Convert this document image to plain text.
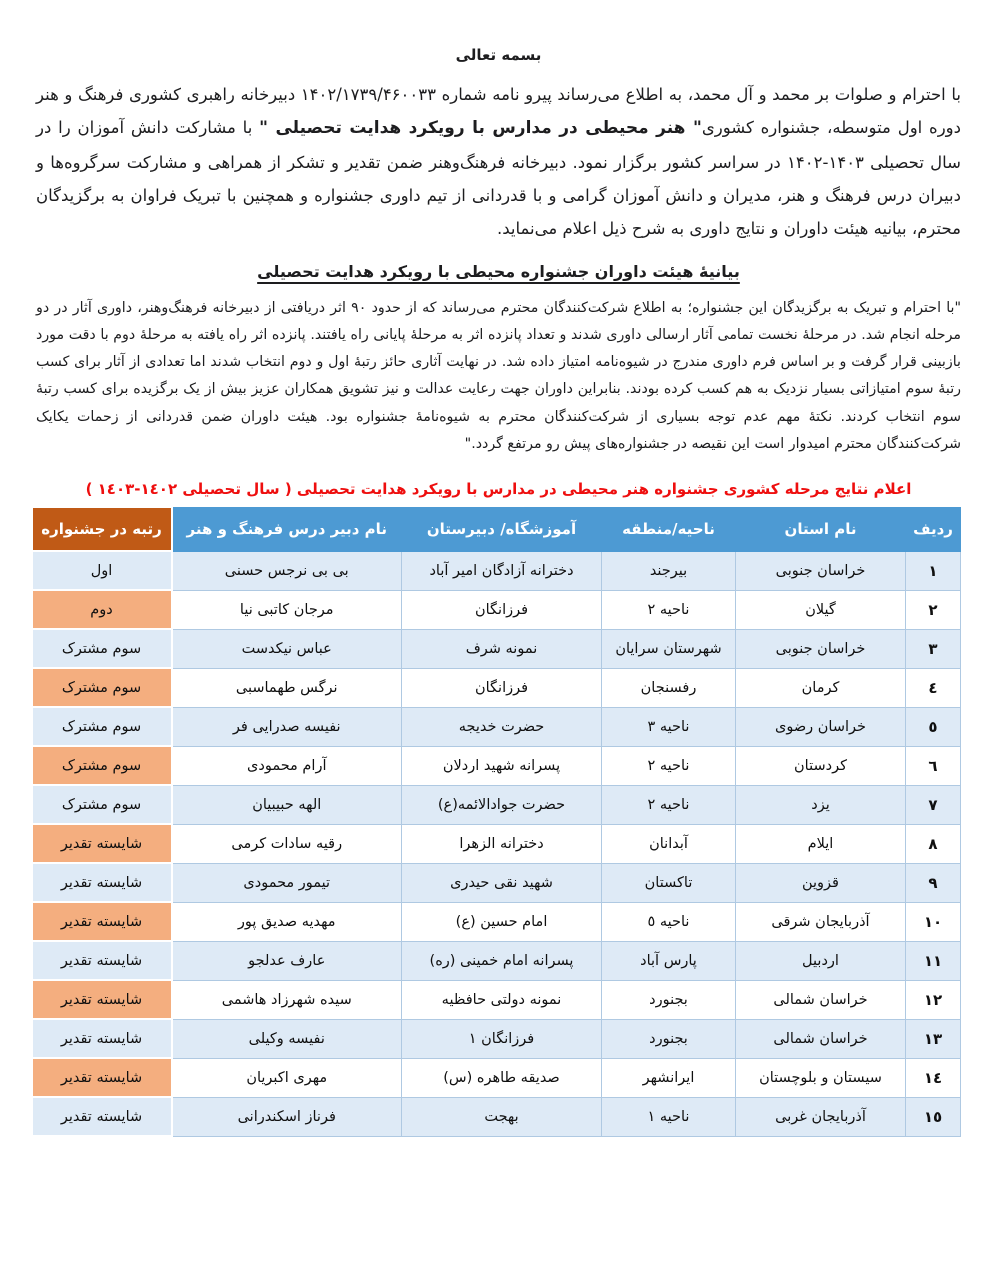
بسمه تعالی

با احترام و صلوات بر محمد و آل محمد، به اطلاع می‌رساند پیرو نامه شماره ۱۴۰۲/۱۷۳۹/۴۶۰۰۳۳ دبیرخانه راهبری کشوری فرهنگ و هنر دوره اول متوسطه، جشنواره کشوری" هنر محیطی در مدارس با رویکرد هدایت تحصیلی " با مشارکت دانش آموزان را در سال تحصیلی ۱۴۰۳-۱۴۰۲ در سراسر کشور برگزار نمود. دبیرخانه فرهنگ‌وهنر ضمن تقدیر و تشکر از همراهی و مشارکت سرگروه‌ها و دبیران درس فرهنگ و هنر، مدیران و دانش آموزان گرامی و با قدردانی از تیم داوری جشنواره و همچنین با تبریک فراوان به برگزیدگان محترم، بیانیه هیئت داوران و نتایج داوری به شرح ذیل اعلام می‌نماید.

بیانیۀ هیئت داوران جشنواره محیطی با رویکرد هدایت تحصیلی

"با احترام و تبریک به برگزیدگان این جشنواره؛ به اطلاع شرکت‌کنندگان محترم می‌رساند که از حدود ۹۰ اثر دریافتی از دبیرخانه فرهنگ‌وهنر، داوری آثار در دو مرحله انجام شد. در مرحلۀ نخست تمامی آثار ارسالی داوری شدند و تعداد پانزده اثر به مرحلۀ پایانی راه یافتند. پانزده اثر راه یافته به مرحلۀ دوم با دقت مورد بازبینی قرار گرفت و بر اساس فرم داوری مندرج در شیوه‌نامه امتیاز داده شد. در نهایت آثاری حائز رتبۀ اول و دوم انتخاب شدند اما تعدادی از آثار برای کسب رتبۀ سوم امتیازاتی بسیار نزدیک به هم کسب کرده بودند. بنابراین داوران جهت رعایت عدالت و نیز تشویق همکاران عزیز بیش از یک برگزیده برای کسب رتبۀ سوم انتخاب کردند. نکتۀ مهم عدم توجه بسیاری از شرکت‌کنندگان محترم به شیوه‌نامۀ جشنواره بود. هیئت داوران ضمن قدردانی از زحمات یکایک شرکت‌کنندگان محترم امیدوار است این نقیصه در جشنواره‌های پیش رو مرتفع گردد."

اعلام نتایج مرحله کشوری جشنواره هنر محیطی در مدارس با رویکرد هدایت تحصیلی ( سال تحصیلی ١٤٠٢-١٤٠٣ )
ردیف	نام استان	ناحیه/منطقه	آموزشگاه/ دبیرستان	نام دبیر درس فرهنگ و هنر	رتبه در جشنواره
١	خراسان جنوبی	بیرجند	دخترانه آزادگان امیر آباد	بی بی نرجس حسنی	اول
٢	گیلان	ناحیه ٢	فرزانگان	مرجان کاتبی نیا	دوم
٣	خراسان جنوبی	شهرستان سرایان	نمونه شرف	عباس نیکدست	سوم مشترک
٤	کرمان	رفسنجان	فرزانگان	نرگس طهماسبی	سوم مشترک
٥	خراسان رضوی	ناحیه ٣	حضرت خدیجه	نفیسه صدرایی فر	سوم مشترک
٦	کردستان	ناحیه ٢	پسرانه شهید اردلان	آرام محمودی	سوم مشترک
٧	یزد	ناحیه ٢	حضرت جوادالائمه(ع)	الهه حبیبیان	سوم مشترک
٨	ایلام	آبدانان	دخترانه الزهرا	رقیه سادات کرمی	شایسته تقدیر
٩	قزوین	تاکستان	شهید نقی حیدری	تیمور محمودی	شایسته تقدیر
١٠	آذربایجان شرقی	ناحیه ٥	امام حسین (ع)	مهدیه صدیق پور	شایسته تقدیر
١١	اردبیل	پارس آباد	پسرانه امام خمینی (ره)	عارف عدلجو	شایسته تقدیر
١٢	خراسان شمالی	بجنورد	نمونه دولتی حافظیه	سیده شهرزاد هاشمی	شایسته تقدیر
١٣	خراسان شمالی	بجنورد	فرزانگان ١	نفیسه وکیلی	شایسته تقدیر
١٤	سیستان و بلوچستان	ایرانشهر	صدیقه طاهره (س)	مهری اکبریان	شایسته تقدیر
١٥	آذربایجان غربی	ناحیه ١	بهجت	فرناز اسکندرانی	شایسته تقدیر
